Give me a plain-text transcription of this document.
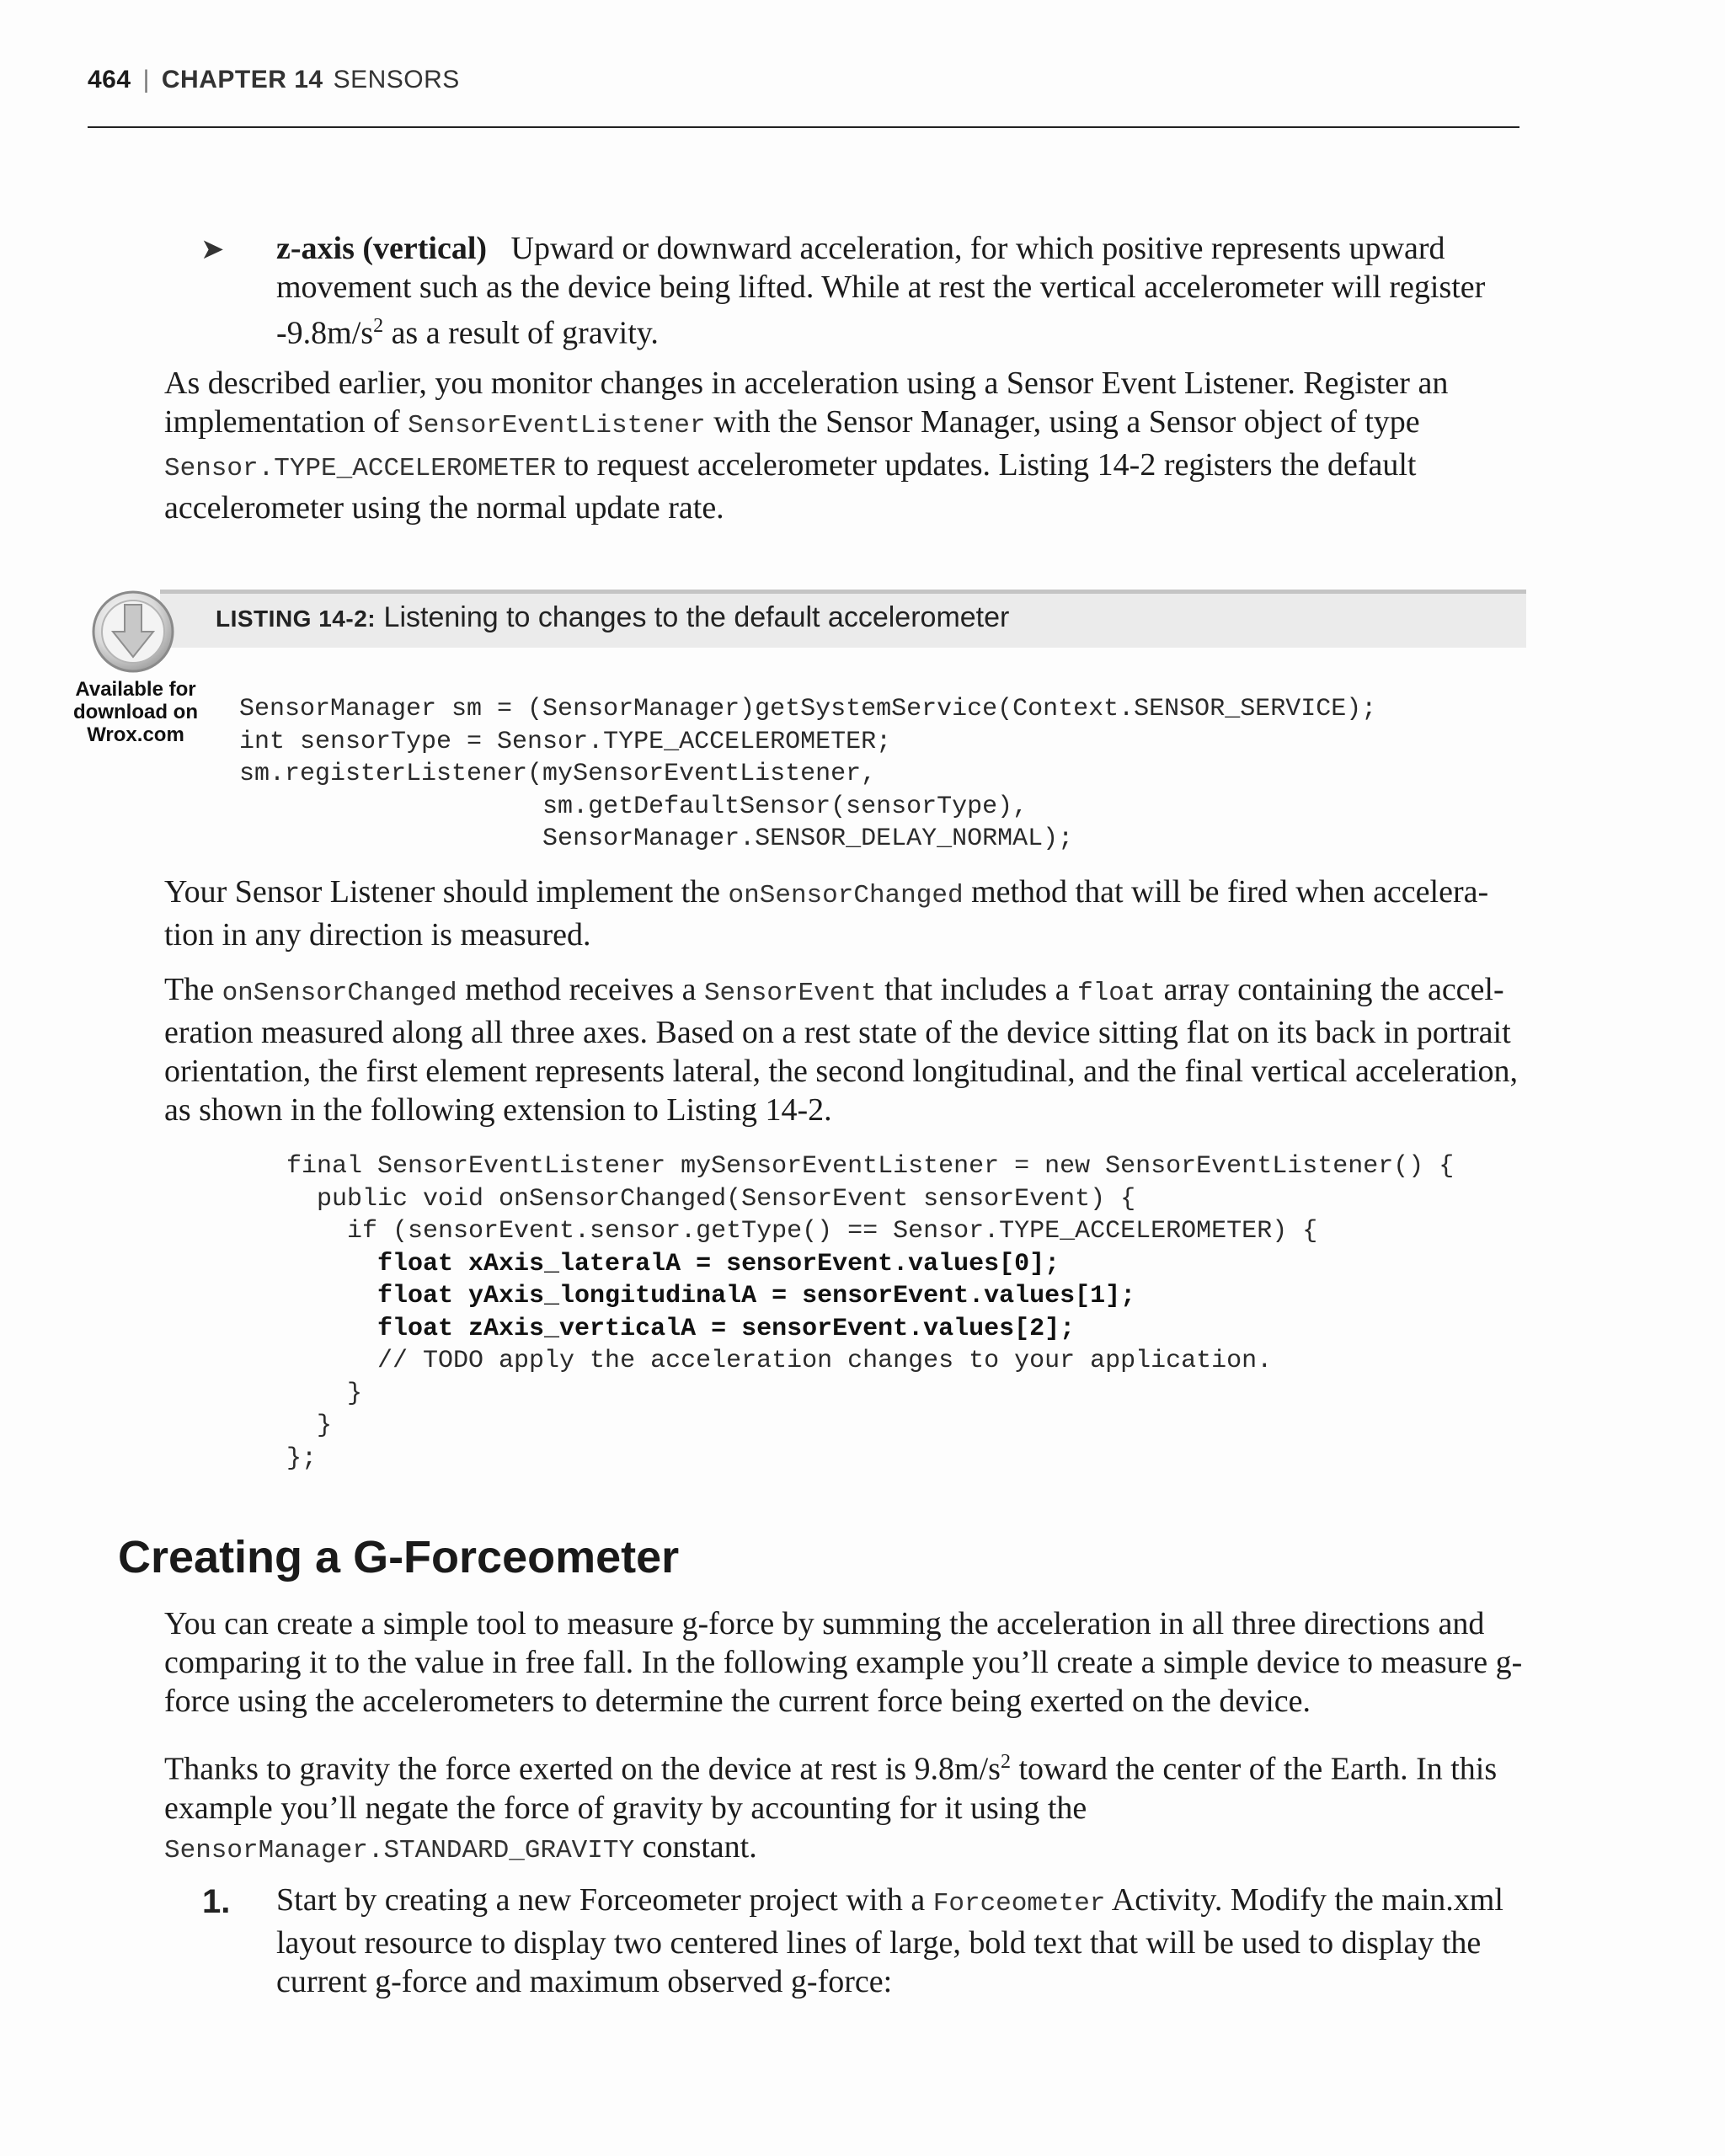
464 | CHAPTER 14 SENSORS
➤ z-axis (vertical) Upward or downward acceleration, for which positive represents upward movement such as the device being lifted. While at rest the vertical accelerometer will register $-9.8m/s^2$ as a result of gravity.
As described earlier, you monitor changes in acceleration using a Sensor Event Listener. Register an implementation of SensorEventListener with the Sensor Manager, using a Sensor object of type Sensor.TYPE_ACCELEROMETER to request accelerometer updates. Listing 14-2 registers the default accelerometer using the normal update rate.
LISTING 14-2: Listening to changes to the default accelerometer
Available for download on Wrox.com
SensorManager sm = (SensorManager)getSystemService(Context.SENSOR_SERVICE);
int sensorType = Sensor.TYPE_ACCELEROMETER;
sm.registerListener(mySensorEventListener,
sm.getDefaultSensor(sensorType),
SensorManager.SENSOR_DELAY_NORMAL);
Your Sensor Listener should implement the onSensorChanged method that will be fired when accelera-tion in any direction is measured.
The onSensorChanged method receives a SensorEvent that includes a float array containing the accel-eration measured along all three axes. Based on a rest state of the device sitting flat on its back in portrait orientation, the first element represents lateral, the second longitudinal, and the final vertical acceleration, as shown in the following extension to Listing 14-2.
final SensorEventListener mySensorEventListener = new SensorEventListener() {
public void onSensorChanged(SensorEvent sensorEvent) {
if (sensorEvent.sensor.getType() == Sensor.TYPE_ACCELEROMETER) {
float xAxis_lateralA = sensorEvent.values[0];
float yAxis_longitudinalA = sensorEvent.values[1];
float zAxis_verticalA = sensorEvent.values[2];
// TODO apply the acceleration changes to your application.
}
}
};
Creating a G-Forceometer
You can create a simple tool to measure g-force by summing the acceleration in all three directions and comparing it to the value in free fall. In the following example you’ll create a simple device to measure g-force using the accelerometers to determine the current force being exerted on the device.
Thanks to gravity the force exerted on the device at rest is $9.8m/s^2$ toward the center of the Earth. In this example you’ll negate the force of gravity by accounting for it using the SensorManager.STANDARD_GRAVITY constant.
1. Start by creating a new Forceometer project with a Forceometer Activity. Modify the main.xml layout resource to display two centered lines of large, bold text that will be used to display the current g-force and maximum observed g-force:
